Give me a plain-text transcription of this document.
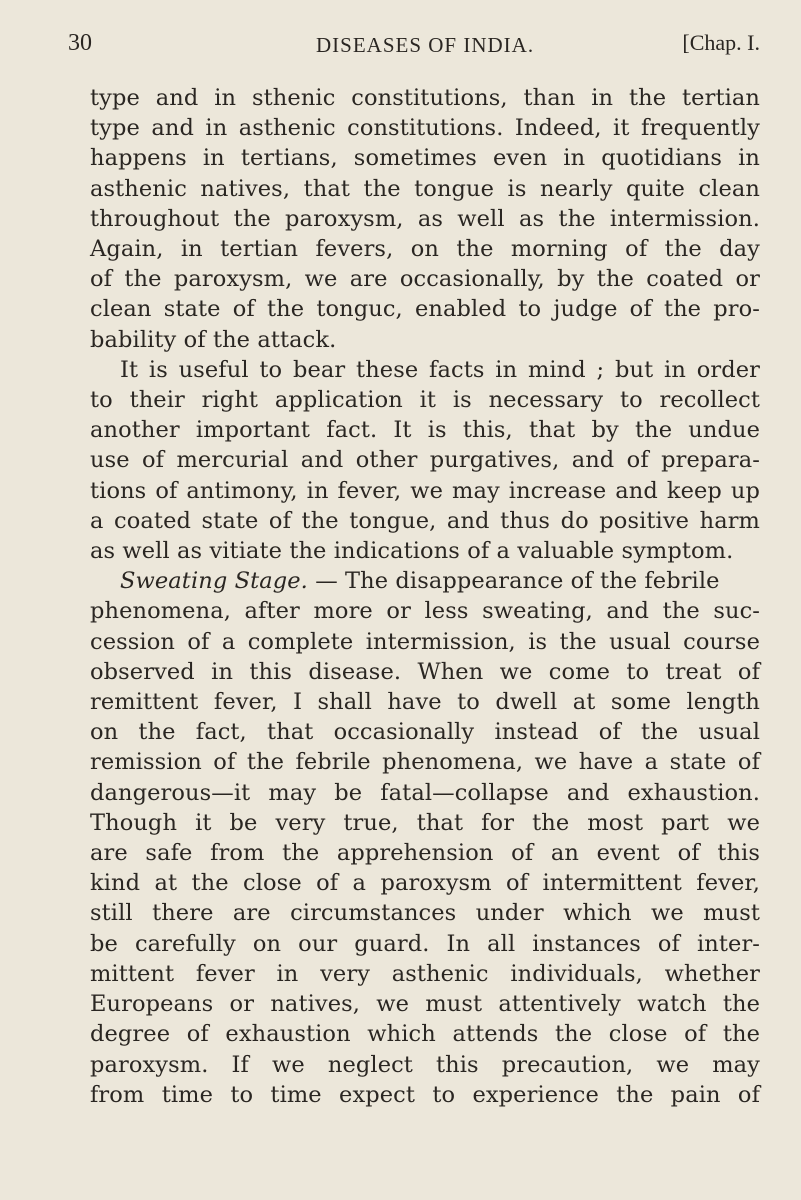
30	DISEASES OF INDIA.	[Chap. I.
type and in sthenic constitutions, than in the tertian
type and in asthenic constitutions. Indeed, it frequently
happens in tertians, sometimes even in quotidians in
asthenic natives, that the tongue is nearly quite clean
throughout the paroxysm, as well as the intermission.
Again, in tertian fevers, on the morning of the day
of the paroxysm, we are occasionally, by the coated or
clean state of the tonguc, enabled to judge of the pro-
bability of the attack.
It is useful to bear these facts in mind ; but in order
to their right application it is necessary to recollect
another important fact. It is this, that by the undue
use of mercurial and other purgatives, and of prepara-
tions of antimony, in fever, we may increase and keep up
a coated state of the tongue, and thus do positive harm
as well as vitiate the indications of a valuable symptom.
Sweating Stage. — The disappearance of the febrile
phenomena, after more or less sweating, and the suc-
cession of a complete intermission, is the usual course
observed in this disease. When we come to treat of
remittent fever, I shall have to dwell at some length
on the fact, that occasionally instead of the usual
remission of the febrile phenomena, we have a state of
dangerous—it may be fatal—collapse and exhaustion.
Though it be very true, that for the most part we
are safe from the apprehension of an event of this
kind at the close of a paroxysm of intermittent fever,
still there are circumstances under which we must
be carefully on our guard. In all instances of inter-
mittent fever in very asthenic individuals, whether
Europeans or natives, we must attentively watch the
degree of exhaustion which attends the close of the
paroxysm. If we neglect this precaution, we may
from time to time expect to experience the pain of
